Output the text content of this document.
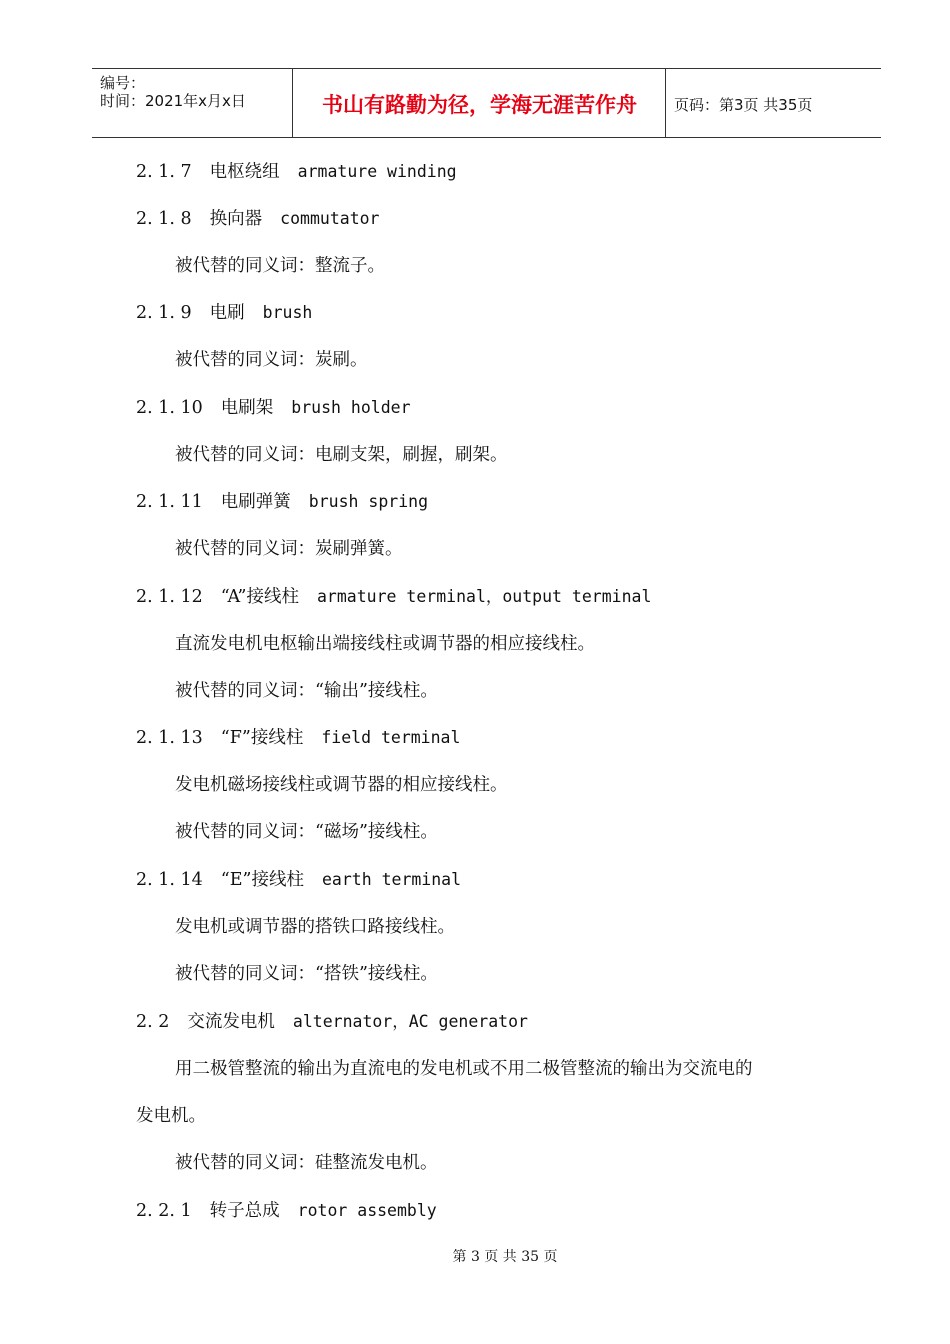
编号：
时间：2021年x月x日	书山有路勤为径，学海无涯苦作舟	页码：第3页 共35页
2. 1. 7 电枢绕组 armature winding
2. 1. 8 换向器 commutator
被代替的同义词：整流子。
2. 1. 9 电刷 brush
被代替的同义词：炭刷。
2. 1. 10 电刷架 brush holder
被代替的同义词：电刷支架，刷握，刷架。
2. 1. 11 电刷弹簧 brush spring
被代替的同义词：炭刷弹簧。
2. 1. 12 “A”接线柱 armature terminal，output terminal
直流发电机电枢输出端接线柱或调节器的相应接线柱。
被代替的同义词：“输出”接线柱。
2. 1. 13 “F”接线柱 field terminal
发电机磁场接线柱或调节器的相应接线柱。
被代替的同义词：“磁场”接线柱。
2. 1. 14 “E”接线柱 earth terminal
发电机或调节器的搭铁口路接线柱。
被代替的同义词：“搭铁”接线柱。
2. 2 交流发电机 alternator，AC generator
用二极管整流的输出为直流电的发电机或不用二极管整流的输出为交流电的
发电机。
被代替的同义词：硅整流发电机。
2. 2. 1 转子总成 rotor assembly
第 3 页 共 35 页
